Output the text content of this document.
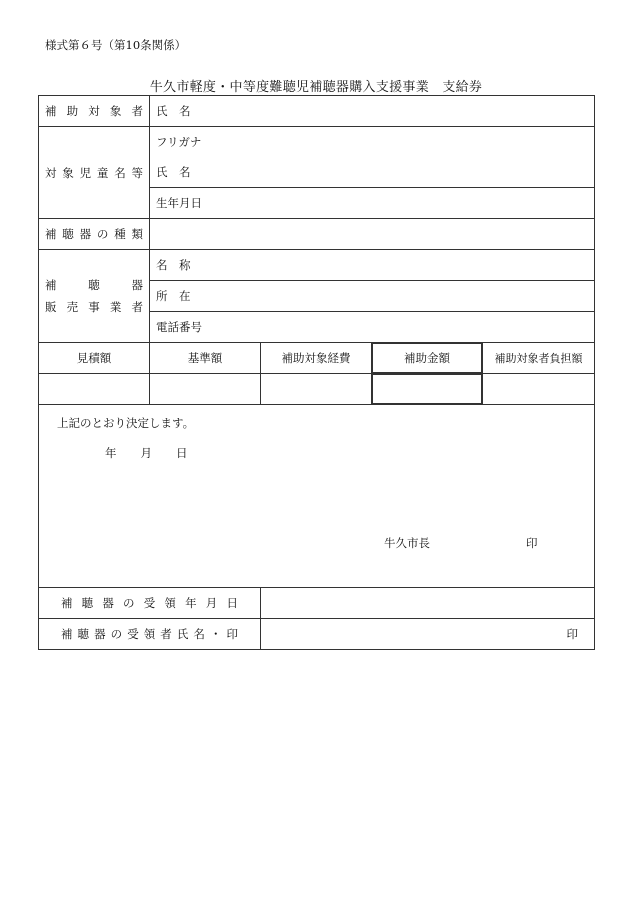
様式第６号（第10条関係）
牛久市軽度・中等度難聴児補聴器購入支援事業　支給券
補助対象者	氏　名			

対象児童名等	フリガナ			
	氏　名			
	生年月日			

補聴器の種類				

補聴器
販売事業者	名　称			
	所　在			
	電話番号			
見積額	基準額	補助対象経費	補助金額	補助対象者負担額

上記のとおり決定します。
年 月 日
牛久市長 印				

補聴器の受領年月日				

補聴器の受領者氏名・印		印		
